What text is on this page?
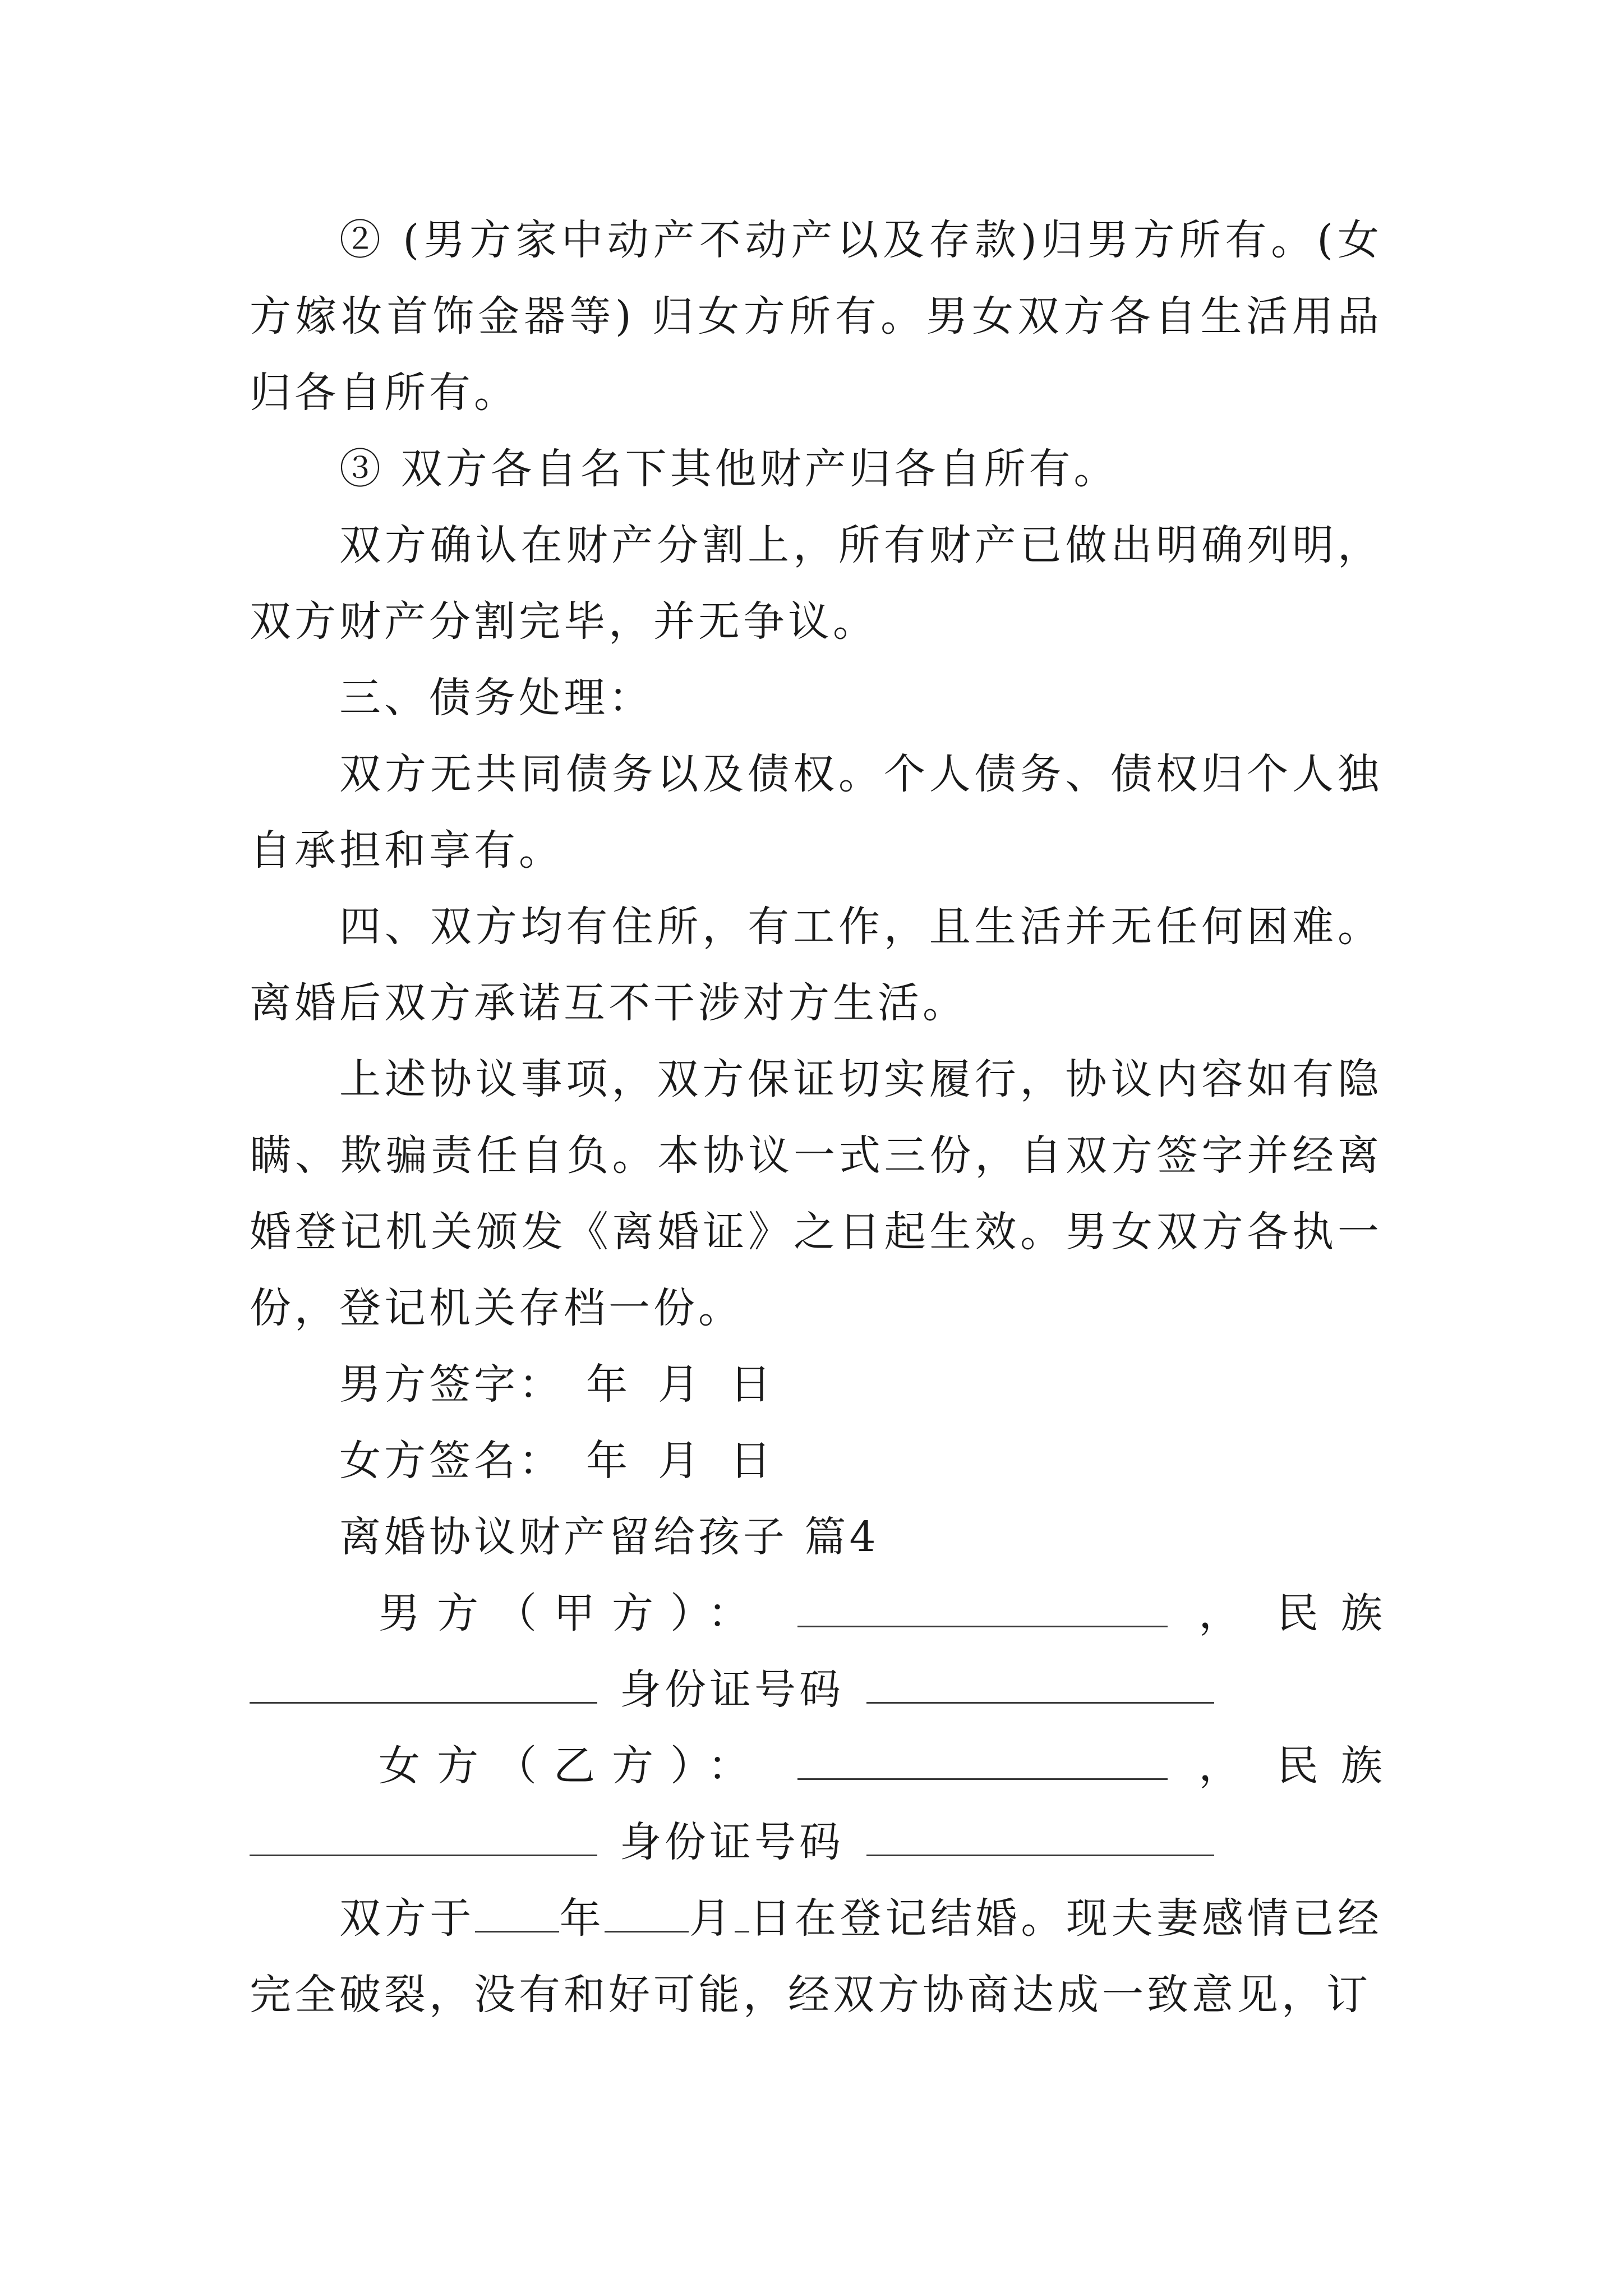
② (男方家中动产不动产以及存款)归男方所有。(女方嫁妆首饰金器等) 归女方所有。男女双方各自生活用品归各自所有。

③ 双方各自名下其他财产归各自所有。

双方确认在财产分割上，所有财产已做出明确列明，双方财产分割完毕，并无争议。

三、债务处理：

双方无共同债务以及债权。个人债务、债权归个人独自承担和享有。

四、双方均有住所，有工作，且生活并无任何困难。离婚后双方承诺互不干涉对方生活。

上述协议事项，双方保证切实履行，协议内容如有隐瞒、欺骗责任自负。本协议一式三份，自双方签字并经离婚登记机关颁发《离婚证》之日起生效。男女双方各执一份，登记机关存档一份。

男方签字： 年 月 日

女方签名： 年 月 日

离婚协议财产留给孩子 篇4

男方（甲方）：	， 民族
身份证号码
女方（乙方）：	， 民族
身份证号码

双方于 年 月 日在登记结婚。现夫妻感情已经完全破裂，没有和好可能，经双方协商达成一致意见，订
